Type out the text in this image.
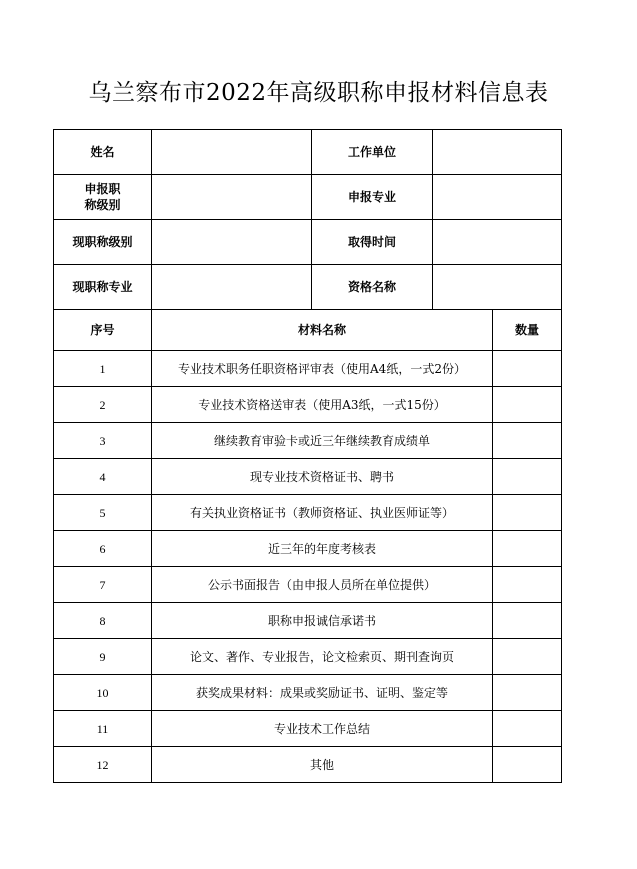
乌兰察布市2022年高级职称申报材料信息表
姓名		工作单位		
申报职
称级别		申报专业		
现职称级别		取得时间		
现职称专业		资格名称		
序号	材料名称			数量
1	专业技术职务任职资格评审表（使用A4纸，一式2份）			
2	专业技术资格送审表（使用A3纸，一式15份）			
3	继续教育审验卡或近三年继续教育成绩单			
4	现专业技术资格证书、聘书			
5	有关执业资格证书（教师资格证、执业医师证等）			
6	近三年的年度考核表			
7	公示书面报告（由申报人员所在单位提供）			
8	职称申报诚信承诺书			
9	论文、著作、专业报告，论文检索页、期刊查询页			
10	获奖成果材料：成果或奖励证书、证明、鉴定等			
11	专业技术工作总结			
12	其他			
